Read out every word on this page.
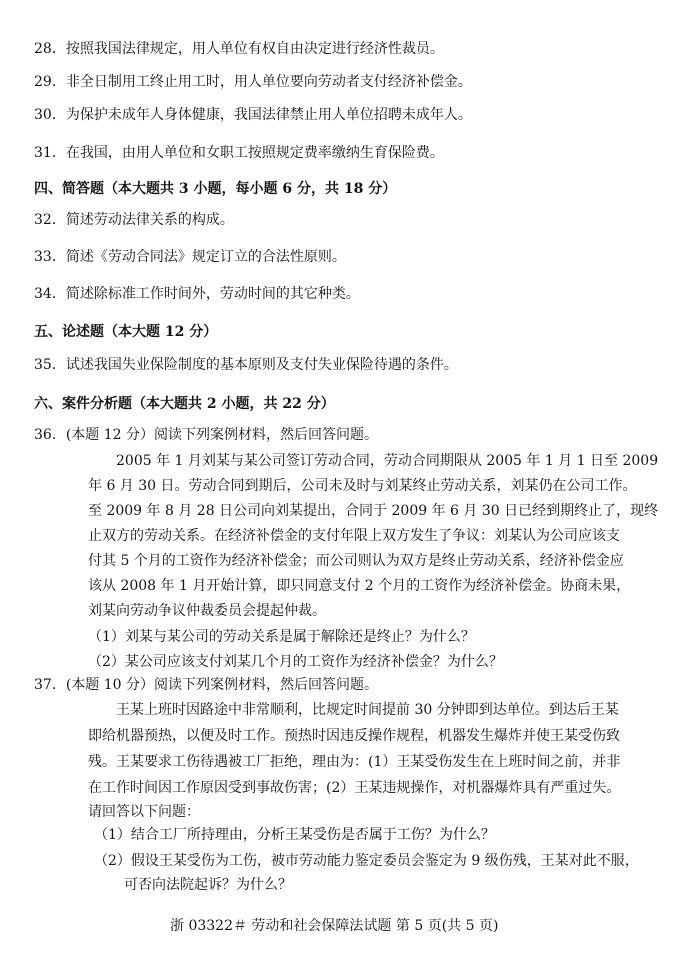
28．按照我国法律规定，用人单位有权自由决定进行经济性裁员。
29．非全日制用工终止用工时，用人单位要向劳动者支付经济补偿金。
30．为保护未成年人身体健康，我国法律禁止用人单位招聘未成年人。
31．在我国，由用人单位和女职工按照规定费率缴纳生育保险费。
四、简答题（本大题共 3 小题，每小题 6 分，共 18 分）
32．简述劳动法律关系的构成。
33．简述《劳动合同法》规定订立的合法性原则。
34．简述除标准工作时间外，劳动时间的其它种类。
五、论述题（本大题 12 分）
35．试述我国失业保险制度的基本原则及支付失业保险待遇的条件。
六、案件分析题（本大题共 2 小题，共 22 分）
36．(本题 12 分）阅读下列案例材料，然后回答问题。
2005 年 1 月刘某与某公司签订劳动合同，劳动合同期限从 2005 年 1 月 1 日至 2009
年 6 月 30 日。劳动合同到期后，公司未及时与刘某终止劳动关系，刘某仍在公司工作。
至 2009 年 8 月 28 日公司向刘某提出，合同于 2009 年 6 月 30 日已经到期终止了，现终
止双方的劳动关系。在经济补偿金的支付年限上双方发生了争议：刘某认为公司应该支
付其 5 个月的工资作为经济补偿金；而公司则认为双方是终止劳动关系，经济补偿金应
该从 2008 年 1 月开始计算，即只同意支付 2 个月的工资作为经济补偿金。协商未果，
刘某向劳动争议仲裁委员会提起仲裁。
（1）刘某与某公司的劳动关系是属于解除还是终止？为什么？
（2）某公司应该支付刘某几个月的工资作为经济补偿金？为什么？
37．(本题 10 分）阅读下列案例材料，然后回答问题。
王某上班时因路途中非常顺利，比规定时间提前 30 分钟即到达单位。到达后王某
即给机器预热，以便及时工作。预热时因违反操作规程，机器发生爆炸并使王某受伤致
残。王某要求工伤待遇被工厂拒绝，理由为：(1）王某受伤发生在上班时间之前，并非
在工作时间因工作原因受到事故伤害；(2）王某违规操作，对机器爆炸具有严重过失。
请回答以下问题：
（1）结合工厂所持理由，分析王某受伤是否属于工伤？为什么？
（2）假设王某受伤为工伤，被市劳动能力鉴定委员会鉴定为 9 级伤残，王某对此不服，
可否向法院起诉？为什么？
浙 03322＃ 劳动和社会保障法试题 第 5 页(共 5 页)
